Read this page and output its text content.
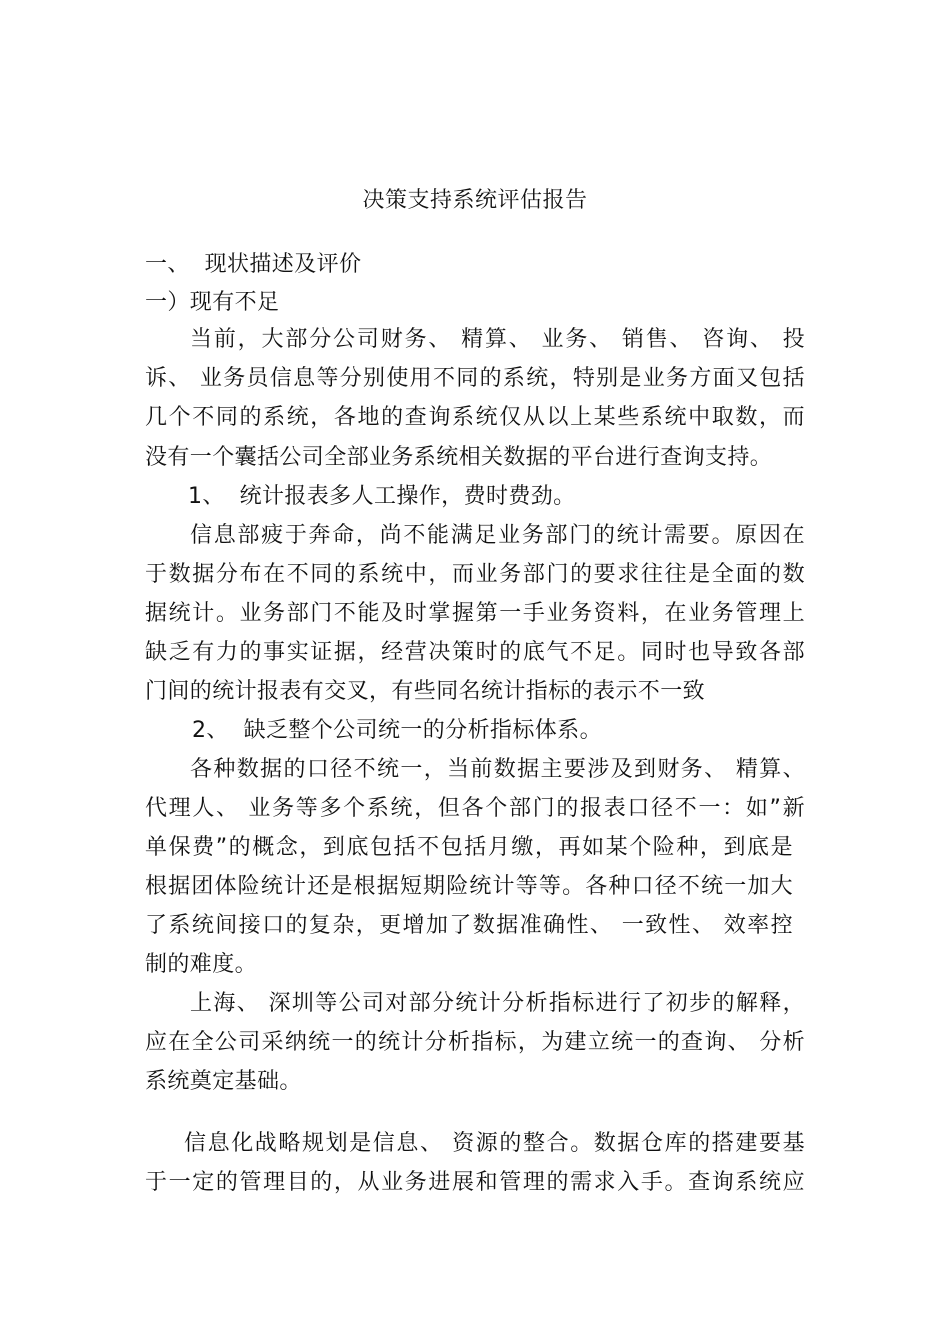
决策支持系统评估报告
一、  现状描述及评价
一）现有不足
当前，大部分公司财务、 精算、 业务、 销售、 咨询、 投
诉、 业务员信息等分别使用不同的系统，特别是业务方面又包括
几个不同的系统，各地的查询系统仅从以上某些系统中取数，而
没有一个囊括公司全部业务系统相关数据的平台进行查询支持。
1、  统计报表多人工操作，费时费劲。
信息部疲于奔命，尚不能满足业务部门的统计需要。原因在
于数据分布在不同的系统中，而业务部门的要求往往是全面的数
据统计。业务部门不能及时掌握第一手业务资料，在业务管理上
缺乏有力的事实证据，经营决策时的底气不足。同时也导致各部
门间的统计报表有交叉，有些同名统计指标的表示不一致
2、  缺乏整个公司统一的分析指标体系。
各种数据的口径不统一，当前数据主要涉及到财务、 精算、
代理人、 业务等多个系统，但各个部门的报表口径不一：如”新
单保费”的概念，到底包括不包括月缴，再如某个险种，到底是
根据团体险统计还是根据短期险统计等等。各种口径不统一加大
了系统间接口的复杂，更增加了数据准确性、 一致性、 效率控
制的难度。
上海、 深圳等公司对部分统计分析指标进行了初步的解释，
应在全公司采纳统一的统计分析指标，为建立统一的查询、 分析
系统奠定基础。
信息化战略规划是信息、 资源的整合。数据仓库的搭建要基
于一定的管理目的，从业务进展和管理的需求入手。查询系统应
